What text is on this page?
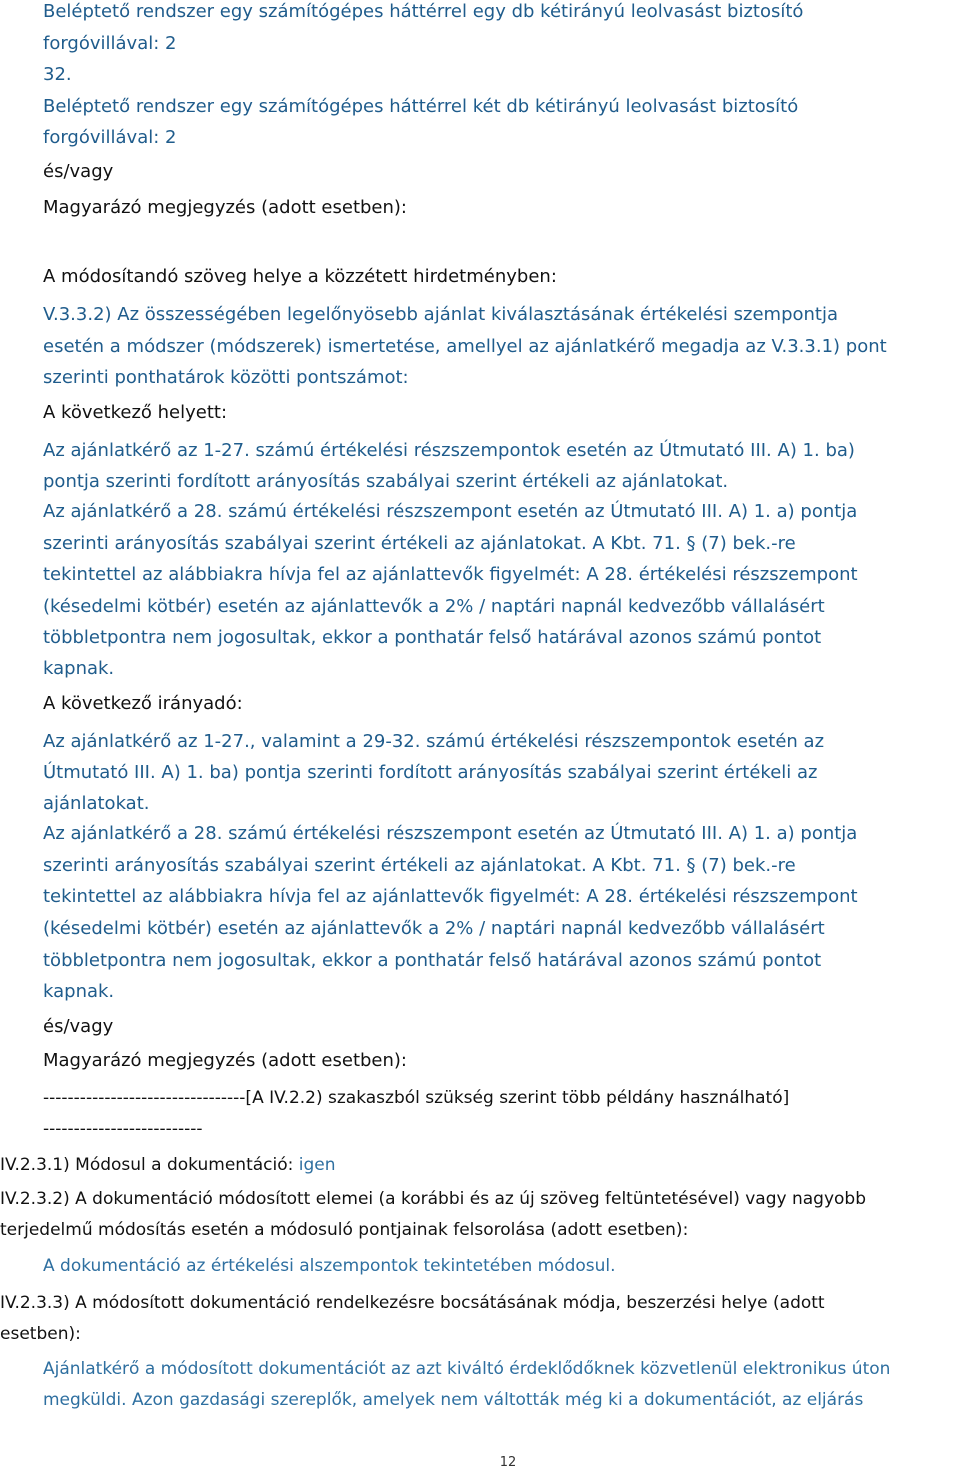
Beléptető rendszer egy számítógépes háttérrel egy db kétirányú leolvasást biztosító
forgóvillával: 2
32.
Beléptető rendszer egy számítógépes háttérrel két db kétirányú leolvasást biztosító
forgóvillával: 2
és/vagy
Magyarázó megjegyzés (adott esetben):
A módosítandó szöveg helye a közzétett hirdetményben:
V.3.3.2) Az összességében legelőnyösebb ajánlat kiválasztásának értékelési szempontja
esetén a módszer (módszerek) ismertetése, amellyel az ajánlatkérő megadja az V.3.3.1) pont
szerinti ponthatárok közötti pontszámot:
A következő helyett:
Az ajánlatkérő az 1-27. számú értékelési részszempontok esetén az Útmutató III. A) 1. ba)
pontja szerinti fordított arányosítás szabályai szerint értékeli az ajánlatokat.
Az ajánlatkérő a 28. számú értékelési részszempont esetén az Útmutató III. A) 1. a) pontja
szerinti arányosítás szabályai szerint értékeli az ajánlatokat. A Kbt. 71. § (7) bek.-re
tekintettel az alábbiakra hívja fel az ajánlattevők figyelmét: A 28. értékelési részszempont
(késedelmi kötbér) esetén az ajánlattevők a 2% / naptári napnál kedvezőbb vállalásért
többletpontra nem jogosultak, ekkor a ponthatár felső határával azonos számú pontot
kapnak.
A következő irányadó:
Az ajánlatkérő az 1-27., valamint a 29-32. számú értékelési részszempontok esetén az
Útmutató III. A) 1. ba) pontja szerinti fordított arányosítás szabályai szerint értékeli az
ajánlatokat.
Az ajánlatkérő a 28. számú értékelési részszempont esetén az Útmutató III. A) 1. a) pontja
szerinti arányosítás szabályai szerint értékeli az ajánlatokat. A Kbt. 71. § (7) bek.-re
tekintettel az alábbiakra hívja fel az ajánlattevők figyelmét: A 28. értékelési részszempont
(késedelmi kötbér) esetén az ajánlattevők a 2% / naptári napnál kedvezőbb vállalásért
többletpontra nem jogosultak, ekkor a ponthatár felső határával azonos számú pontot
kapnak.
és/vagy
Magyarázó megjegyzés (adott esetben):
---------------------------------[A IV.2.2) szakaszból szükség szerint több példány használható]
--------------------------
IV.2.3.1) Módosul a dokumentáció: igen
IV.2.3.2) A dokumentáció módosított elemei (a korábbi és az új szöveg feltüntetésével) vagy nagyobb
terjedelmű módosítás esetén a módosuló pontjainak felsorolása (adott esetben):
A dokumentáció az értékelési alszempontok tekintetében módosul.
IV.2.3.3) A módosított dokumentáció rendelkezésre bocsátásának módja, beszerzési helye (adott
esetben):
Ajánlatkérő a módosított dokumentációt az azt kiváltó érdeklődőknek közvetlenül elektronikus úton
megküldi. Azon gazdasági szereplők, amelyek nem váltották még ki a dokumentációt, az eljárás
12
